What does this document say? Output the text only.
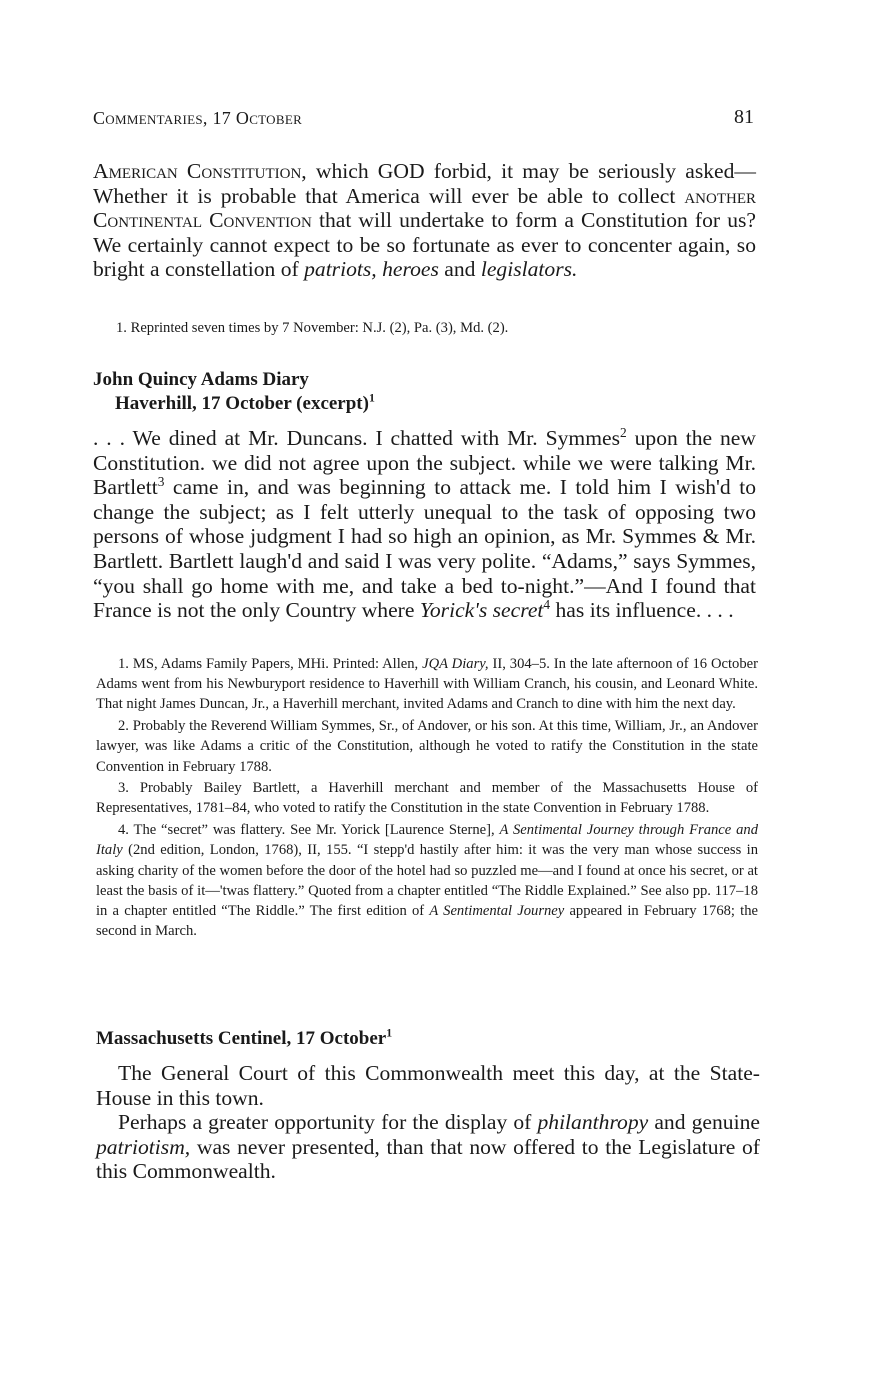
Commentaries, 17 October	81

American Constitution, which GOD forbid, it may be seriously asked—Whether it is probable that America will ever be able to collect another Continental Convention that will undertake to form a Constitution for us? We certainly cannot expect to be so fortunate as ever to concenter again, so bright a constellation of patriots, heroes and legislators.

1. Reprinted seven times by 7 November: N.J. (2), Pa. (3), Md. (2).
John Quincy Adams Diary
Haverhill, 17 October (excerpt)$^1$

. . . We dined at Mr. Duncans. I chatted with Mr. Symmes$^2$ upon the new Constitution. we did not agree upon the subject. while we were talking Mr. Bartlett$^3$ came in, and was beginning to attack me. I told him I wish'd to change the subject; as I felt utterly unequal to the task of opposing two persons of whose judgment I had so high an opinion, as Mr. Symmes & Mr. Bartlett. Bartlett laugh'd and said I was very polite. “Adams,” says Symmes, “you shall go home with me, and take a bed to-night.”—And I found that France is not the only Country where Yorick's secret$^4$ has its influence. . . .

1. MS, Adams Family Papers, MHi. Printed: Allen, JQA Diary, II, 304–5. In the late afternoon of 16 October Adams went from his Newburyport residence to Haverhill with William Cranch, his cousin, and Leonard White. That night James Duncan, Jr., a Haverhill merchant, invited Adams and Cranch to dine with him the next day.

2. Probably the Reverend William Symmes, Sr., of Andover, or his son. At this time, William, Jr., an Andover lawyer, was like Adams a critic of the Constitution, although he voted to ratify the Constitution in the state Convention in February 1788.

3. Probably Bailey Bartlett, a Haverhill merchant and member of the Massachusetts House of Representatives, 1781–84, who voted to ratify the Constitution in the state Convention in February 1788.

4. The “secret” was flattery. See Mr. Yorick [Laurence Sterne], A Sentimental Journey through France and Italy (2nd edition, London, 1768), II, 155. “I stepp'd hastily after him: it was the very man whose success in asking charity of the women before the door of the hotel had so puzzled me—and I found at once his secret, or at least the basis of it—'twas flattery.” Quoted from a chapter entitled “The Riddle Explained.” See also pp. 117–18 in a chapter entitled “The Riddle.” The first edition of A Sentimental Journey appeared in February 1768; the second in March.

Massachusetts Centinel, 17 October$^1$

The General Court of this Commonwealth meet this day, at the State-House in this town.

Perhaps a greater opportunity for the display of philanthropy and genuine patriotism, was never presented, than that now offered to the Legislature of this Commonwealth.
